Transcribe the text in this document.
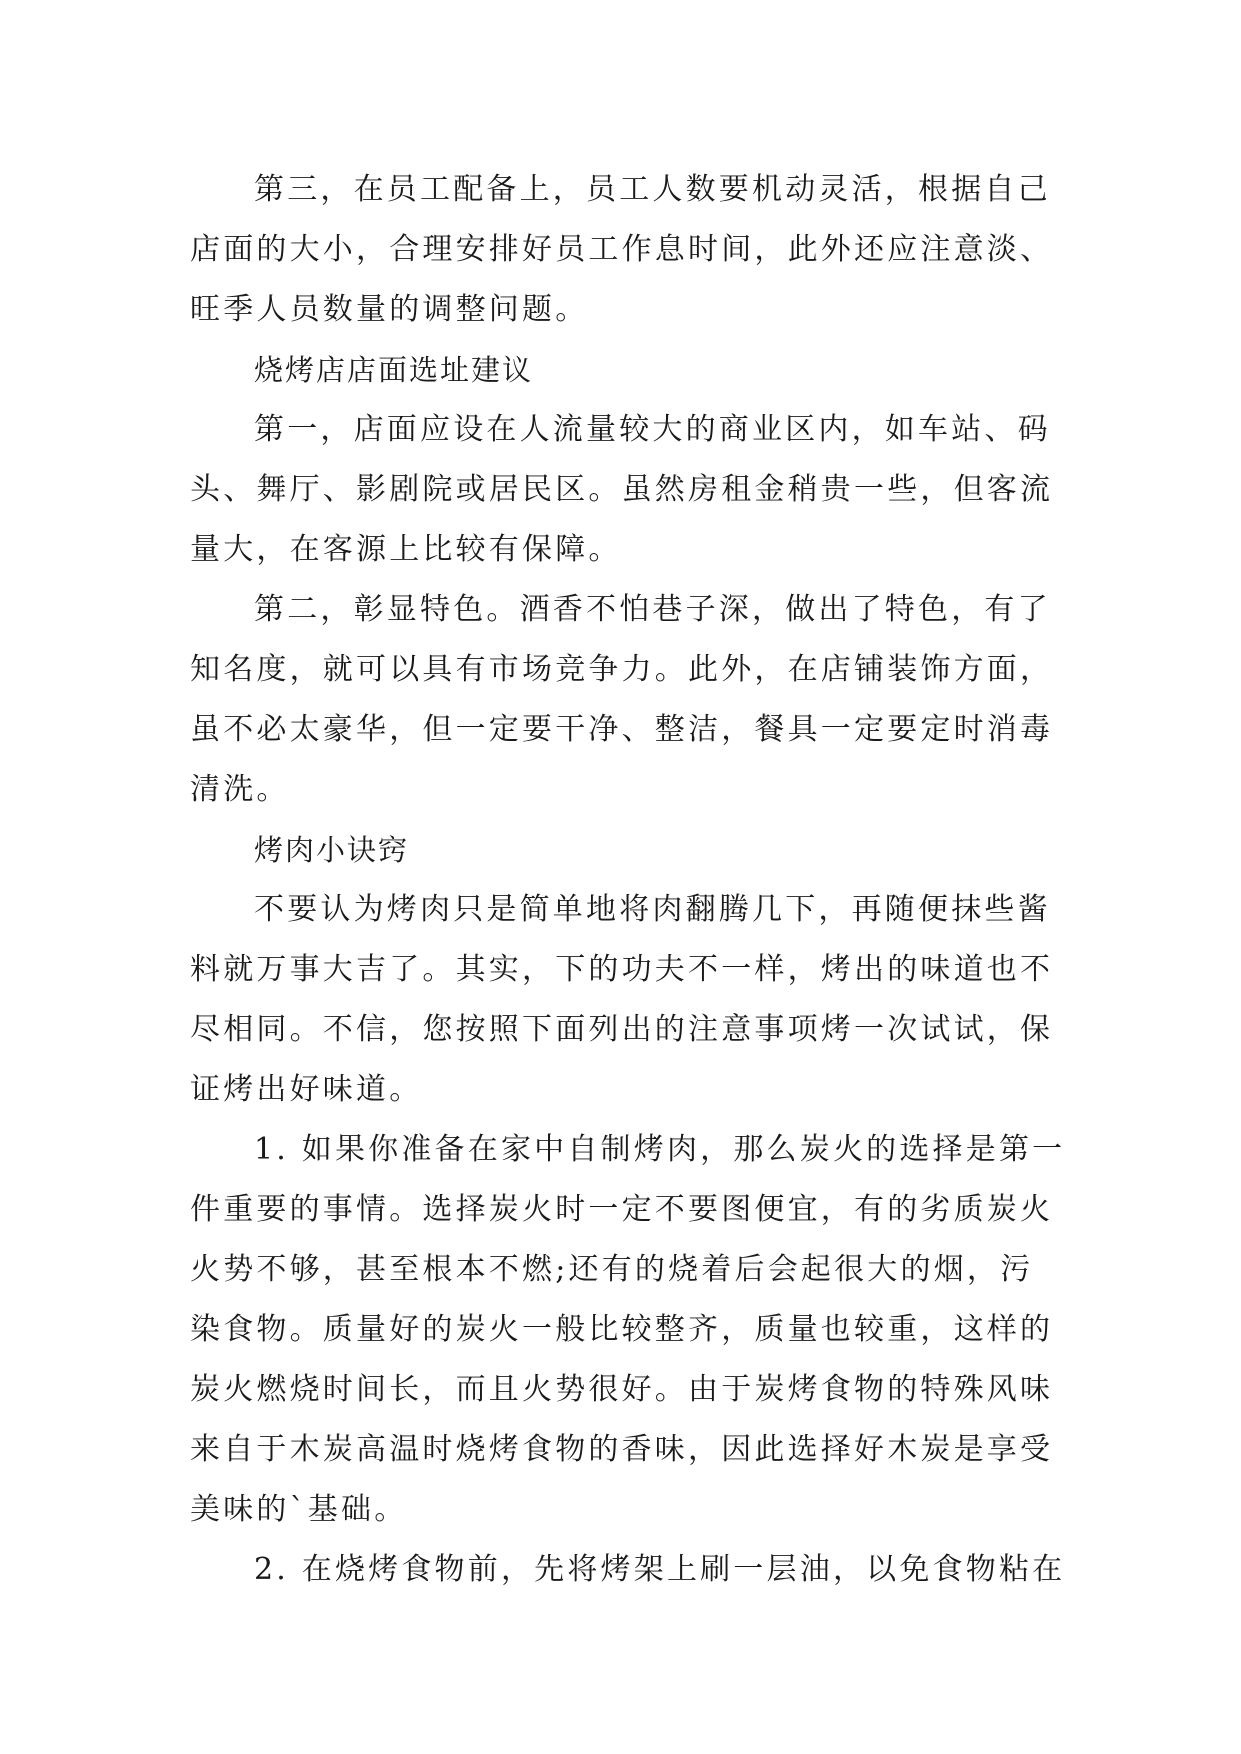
第三，在员工配备上，员工人数要机动灵活，根据自己
店面的大小，合理安排好员工作息时间，此外还应注意淡、
旺季人员数量的调整问题。
烧烤店店面选址建议
第一，店面应设在人流量较大的商业区内，如车站、码
头、舞厅、影剧院或居民区。虽然房租金稍贵一些，但客流
量大，在客源上比较有保障。
第二，彰显特色。酒香不怕巷子深，做出了特色，有了
知名度，就可以具有市场竞争力。此外，在店铺装饰方面，
虽不必太豪华，但一定要干净、整洁，餐具一定要定时消毒
清洗。
烤肉小诀窍
不要认为烤肉只是简单地将肉翻腾几下，再随便抹些酱
料就万事大吉了。其实，下的功夫不一样，烤出的味道也不
尽相同。不信，您按照下面列出的注意事项烤一次试试，保
证烤出好味道。
1. 如果你准备在家中自制烤肉，那么炭火的选择是第一
件重要的事情。选择炭火时一定不要图便宜，有的劣质炭火
火势不够，甚至根本不燃;还有的烧着后会起很大的烟，污
染食物。质量好的炭火一般比较整齐，质量也较重，这样的
炭火燃烧时间长，而且火势很好。由于炭烤食物的特殊风味
来自于木炭高温时烧烤食物的香味，因此选择好木炭是享受
美味的`基础。
2. 在烧烤食物前，先将烤架上刷一层油，以免食物粘在
